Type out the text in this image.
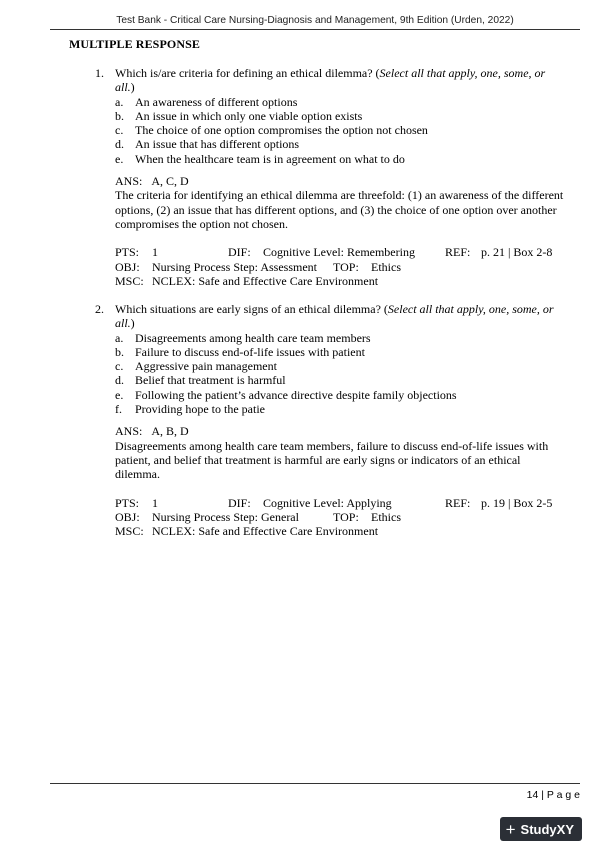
Test Bank - Critical Care Nursing-Diagnosis and Management, 9th Edition (Urden, 2022)
MULTIPLE RESPONSE
1. Which is/are criteria for defining an ethical dilemma? (Select all that apply, one, some, or all.)
a. An awareness of different options
b. An issue in which only one viable option exists
c. The choice of one option compromises the option not chosen
d. An issue that has different options
e. When the healthcare team is in agreement on what to do
ANS: A, C, D
The criteria for identifying an ethical dilemma are threefold: (1) an awareness of the different options, (2) an issue that has different options, and (3) the choice of one option over another compromises the option not chosen.
PTS: 1	DIF: Cognitive Level: Remembering	REF: p. 21 | Box 2-8
OBJ: Nursing Process Step: Assessment TOP: Ethics
MSC: NCLEX: Safe and Effective Care Environment
2. Which situations are early signs of an ethical dilemma? (Select all that apply, one, some, or all.)
a. Disagreements among health care team members
b. Failure to discuss end-of-life issues with patient
c. Aggressive pain management
d. Belief that treatment is harmful
e. Following the patient’s advance directive despite family objections
f. Providing hope to the patie
ANS: A, B, D
Disagreements among health care team members, failure to discuss end-of-life issues with patient, and belief that treatment is harmful are early signs or indicators of an ethical dilemma.
PTS: 1	DIF: Cognitive Level: Applying	REF: p. 19 | Box 2-5
OBJ: Nursing Process Step: General	TOP: Ethics
MSC: NCLEX: Safe and Effective Care Environment
14 | P a g e
+ StudyXY
